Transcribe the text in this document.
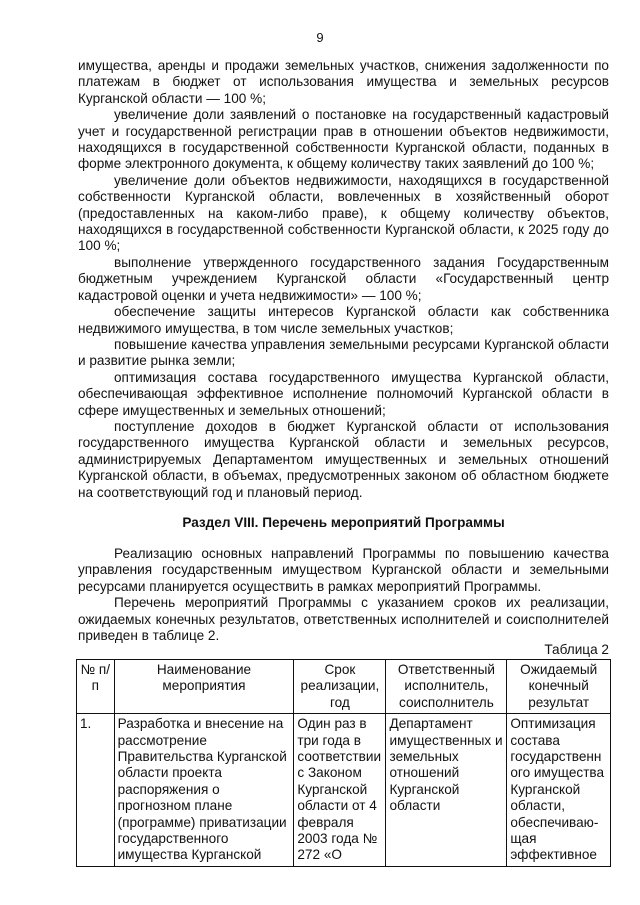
9

имущества, аренды и продажи земельных участков, снижения задолженности по платежам в бюджет от использования имущества и земельных ресурсов Курганской области — 100 %;

увеличение доли заявлений о постановке на государственный кадастровый учет и государственной регистрации прав в отношении объектов недвижимости, находящихся в государственной собственности Курганской области, поданных в форме электронного документа, к общему количеству таких заявлений до 100 %;

увеличение доли объектов недвижимости, находящихся в государственной собственности Курганской области, вовлеченных в хозяйственный оборот (предоставленных на каком-либо праве), к общему количеству объектов, находящихся в государственной собственности Курганской области, к 2025 году до 100 %;

выполнение утвержденного государственного задания Государственным бюджетным учреждением Курганской области «Государственный центр кадастровой оценки и учета недвижимости» — 100 %;

обеспечение защиты интересов Курганской области как собственника недвижимого имущества, в том числе земельных участков;

повышение качества управления земельными ресурсами Курганской области и развитие рынка земли;

оптимизация состава государственного имущества Курганской области, обеспечивающая эффективное исполнение полномочий Курганской области в сфере имущественных и земельных отношений;

поступление доходов в бюджет Курганской области от использования государственного имущества Курганской области и земельных ресурсов, администрируемых Департаментом имущественных и земельных отношений Курганской области, в объемах, предусмотренных законом об областном бюджете на соответствующий год и плановый период.

Раздел VIII. Перечень мероприятий Программы

Реализацию основных направлений Программы по повышению качества управления государственным имуществом Курганской области и земельными ресурсами планируется осуществить в рамках мероприятий Программы.

Перечень мероприятий Программы с указанием сроков их реализации, ожидаемых конечных результатов, ответственных исполнителей и соисполнителей приведен в таблице 2.

Таблица 2
№ п/п	Наименование мероприятия	Срок реализации, год	Ответственный исполнитель, соисполнитель	Ожидаемый конечный результат
1.	Разработка и внесение на рассмотрение Правительства Курганской области проекта распоряжения о прогнозном плане (программе) приватизации государственного имущества Курганской	Один раз в три года в соответствии с Законом Курганской области от 4 февраля 2003 года № 272 «О	Департамент имущественных и земельных отношений Курганской области	Оптимизация состава государственн ого имущества Курганской области, обеспечиваю-щая эффективное
